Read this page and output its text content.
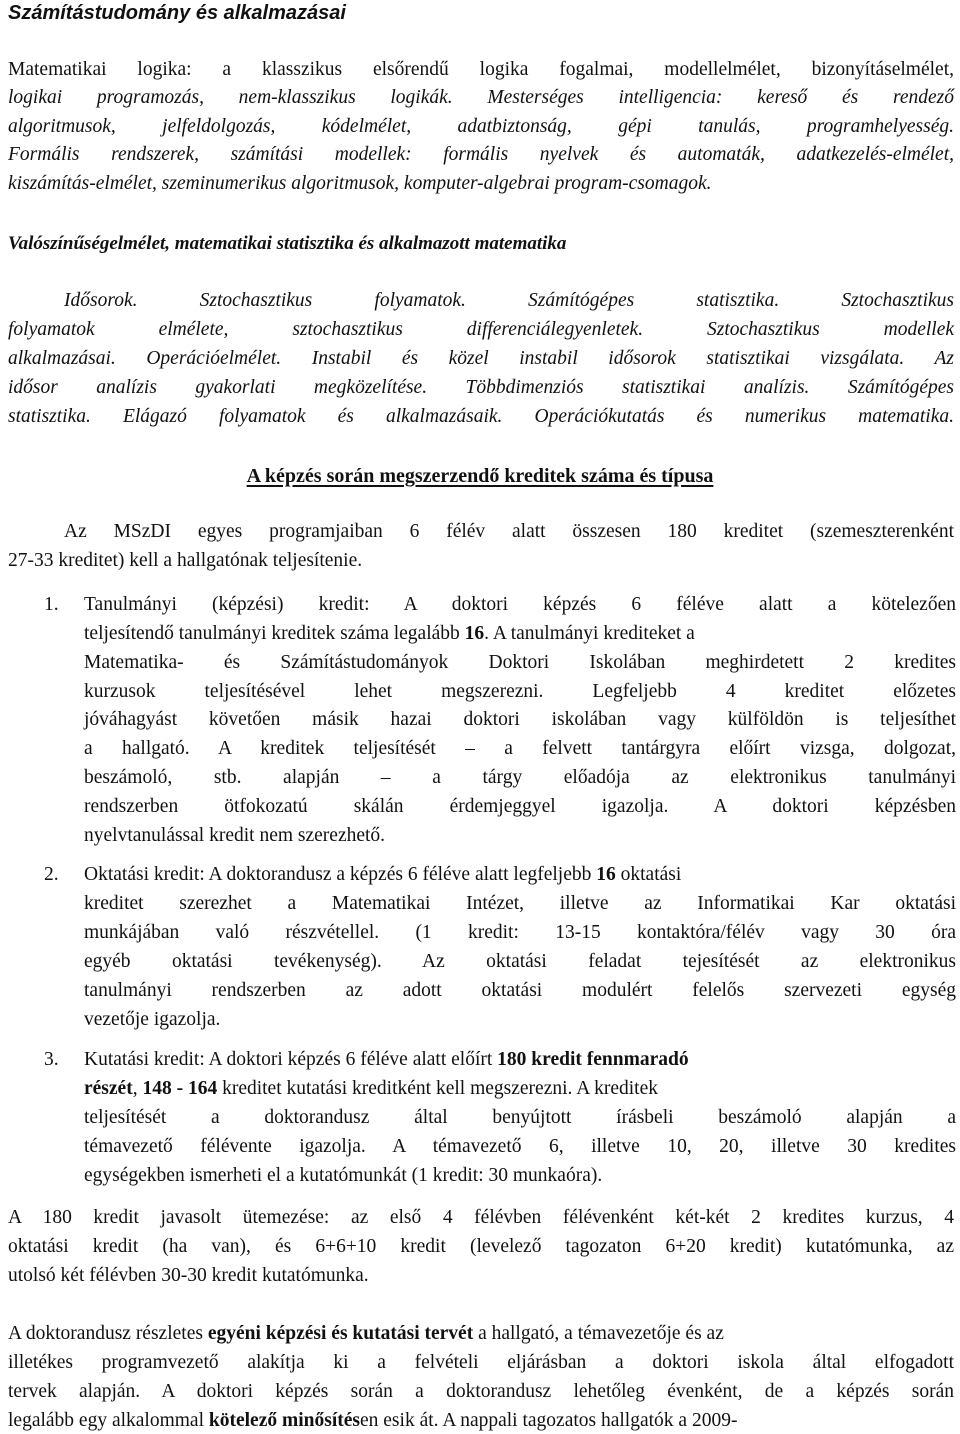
Számítástudomány és alkalmazásai
Matematikai logika: a klasszikus elsőrendű logika fogalmai, modellelmélet, bizonyításelmélet,
logikai programozás, nem-klasszikus logikák. Mesterséges intelligencia: kereső és rendező
algoritmusok, jelfeldolgozás, kódelmélet, adatbiztonság, gépi tanulás, programhelyesség.
Formális rendszerek, számítási modellek: formális nyelvek és automaták, adatkezelés-elmélet,
kiszámítás-elmélet, szeminumerikus algoritmusok, komputer-algebrai program-csomagok.
Valószínűségelmélet, matematikai statisztika és alkalmazott matematika
Idősorok. Sztochasztikus folyamatok. Számítógépes statisztika. Sztochasztikus
folyamatok elmélete, sztochasztikus differenciálegyenletek. Sztochasztikus modellek
alkalmazásai. Operációelmélet. Instabil és közel instabil idősorok statisztikai vizsgálata. Az
idősor analízis gyakorlati megközelítése. Többdimenziós statisztikai analízis. Számítógépes
statisztika. Elágazó folyamatok és alkalmazásaik. Operációkutatás és numerikus matematika.
A képzés során megszerzendő kreditek száma és típusa
Az MSzDI egyes programjaiban 6 félév alatt összesen 180 kreditet (szemeszterenként
27-33 kreditet) kell a hallgatónak teljesítenie.
1. Tanulmányi (képzési) kredit: A doktori képzés 6 féléve alatt a kötelezően
teljesítendő tanulmányi kreditek száma legalább 16. A tanulmányi krediteket a
Matematika- és Számítástudományok Doktori Iskolában meghirdetett 2 kredites
kurzusok teljesítésével lehet megszerezni. Legfeljebb 4 kreditet előzetes
jóváhagyást követően másik hazai doktori iskolában vagy külföldön is teljesíthet
a hallgató. A kreditek teljesítését – a felvett tantárgyra előírt vizsga, dolgozat,
beszámoló, stb. alapján – a tárgy előadója az elektronikus tanulmányi
rendszerben ötfokozatú skálán érdemjeggyel igazolja. A doktori képzésben
nyelvtanulással kredit nem szerezhető.
2. Oktatási kredit: A doktorandusz a képzés 6 féléve alatt legfeljebb 16 oktatási
kreditet szerezhet a Matematikai Intézet, illetve az Informatikai Kar oktatási
munkájában való részvétellel. (1 kredit: 13-15 kontaktóra/félév vagy 30 óra
egyéb oktatási tevékenység). Az oktatási feladat tejesítését az elektronikus
tanulmányi rendszerben az adott oktatási modulért felelős szervezeti egység
vezetője igazolja.
3. Kutatási kredit: A doktori képzés 6 féléve alatt előírt 180 kredit fennmaradó
részét, 148 - 164 kreditet kutatási kreditként kell megszerezni. A kreditek
teljesítését a doktorandusz által benyújtott írásbeli beszámoló alapján a
témavezető félévente igazolja. A témavezető 6, illetve 10, 20, illetve 30 kredites
egységekben ismerheti el a kutatómunkát (1 kredit: 30 munkaóra).
A 180 kredit javasolt ütemezése: az első 4 félévben félévenként két-két 2 kredites kurzus, 4
oktatási kredit (ha van), és 6+6+10 kredit (levelező tagozaton 6+20 kredit) kutatómunka, az
utolsó két félévben 30-30 kredit kutatómunka.
A doktorandusz részletes egyéni képzési és kutatási tervét a hallgató, a témavezetője és az
illetékes programvezető alakítja ki a felvételi eljárásban a doktori iskola által elfogadott
tervek alapján. A doktori képzés során a doktorandusz lehetőleg évenként, de a képzés során
legalább egy alkalommal kötelező minősítésen esik át. A nappali tagozatos hallgatók a 2009-
